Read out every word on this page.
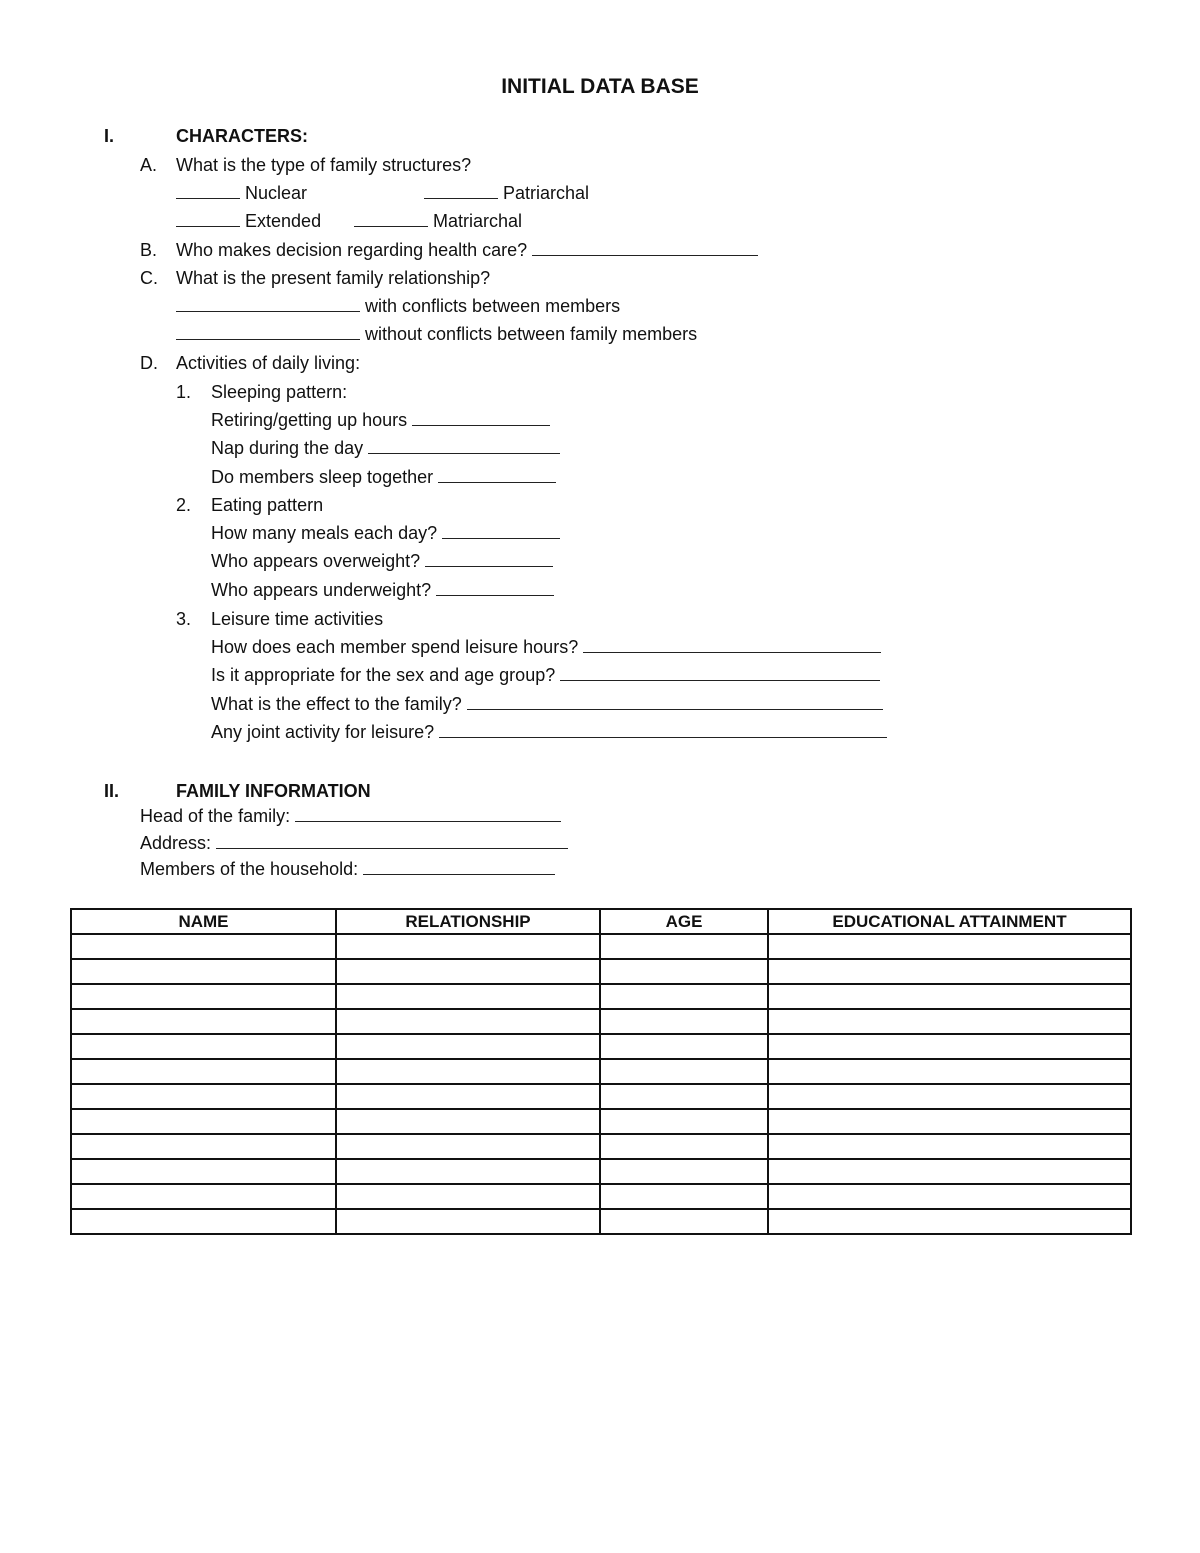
INITIAL DATA BASE
I.	CHARACTERS:
A. What is the type of family structures?
Nuclear	Patriarchal
Extended	Matriarchal
B. Who makes decision regarding health care?
C. What is the present family relationship?
with conflicts between members
without conflicts between family members
D. Activities of daily living:
1. Sleeping pattern:
Retiring/getting up hours
Nap during the day
Do members sleep together
2. Eating pattern
How many meals each day?
Who appears overweight?
Who appears underweight?
3. Leisure time activities
How does each member spend leisure hours?
Is it appropriate for the sex and age group?
What is the effect to the family?
Any joint activity for leisure?
II.	FAMILY INFORMATION
Head of the family:
Address:
Members of the household:
NAME	RELATIONSHIP	AGE	EDUCATIONAL ATTAINMENT
